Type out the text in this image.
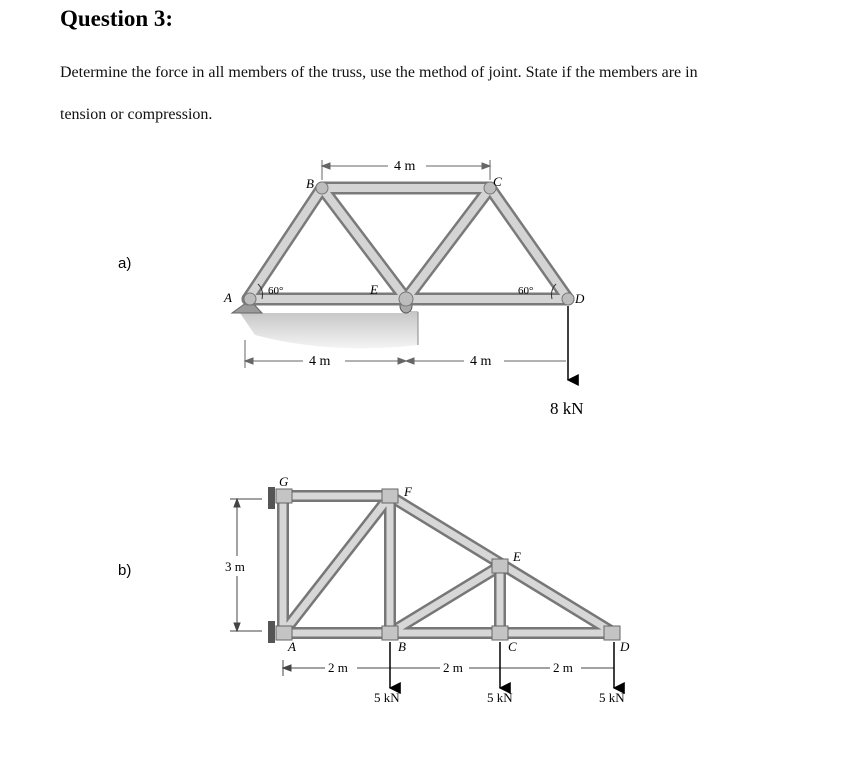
Question 3:
Determine the force in all members of the truss, use the method of joint. State if the members are in
tension or compression.
a)
b)
A
B	C
D
E
60°	60°
4 m
4 m	4 m
8 kN
G
F
E
A	B	C	D
3 m
2 m	2 m	2 m
5 kN	5 kN	5 kN
